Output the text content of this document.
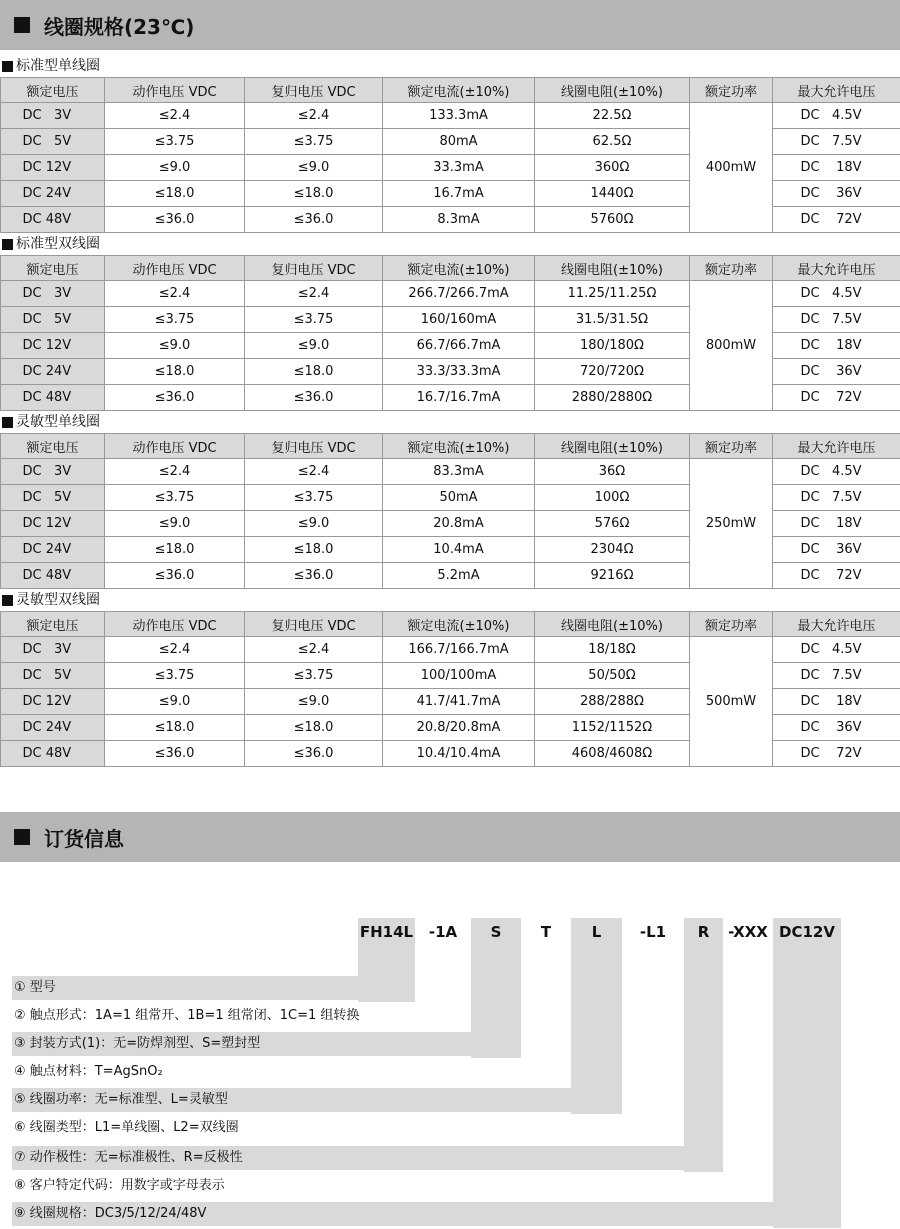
线圈规格(23℃)
标准型单线圈
额定电压	动作电压 VDC	复归电压 VDC	额定电流(±10%)	线圈电阻(±10%)	额定功率	最大允许电压
DC   3V	≤2.4	≤2.4	133.3mA	22.5Ω	400mW	DC   4.5V
DC   5V	≤3.75	≤3.75	80mA	62.5Ω		DC   7.5V
DC 12V	≤9.0	≤9.0	33.3mA	360Ω		DC    18V
DC 24V	≤18.0	≤18.0	16.7mA	1440Ω		DC    36V
DC 48V	≤36.0	≤36.0	8.3mA	5760Ω		DC    72V
标准型双线圈
额定电压	动作电压 VDC	复归电压 VDC	额定电流(±10%)	线圈电阻(±10%)	额定功率	最大允许电压
DC   3V	≤2.4	≤2.4	266.7/266.7mA	11.25/11.25Ω	800mW	DC   4.5V
DC   5V	≤3.75	≤3.75	160/160mA	31.5/31.5Ω		DC   7.5V
DC 12V	≤9.0	≤9.0	66.7/66.7mA	180/180Ω		DC    18V
DC 24V	≤18.0	≤18.0	33.3/33.3mA	720/720Ω		DC    36V
DC 48V	≤36.0	≤36.0	16.7/16.7mA	2880/2880Ω		DC    72V
灵敏型单线圈
额定电压	动作电压 VDC	复归电压 VDC	额定电流(±10%)	线圈电阻(±10%)	额定功率	最大允许电压
DC   3V	≤2.4	≤2.4	83.3mA	36Ω	250mW	DC   4.5V
DC   5V	≤3.75	≤3.75	50mA	100Ω		DC   7.5V
DC 12V	≤9.0	≤9.0	20.8mA	576Ω		DC    18V
DC 24V	≤18.0	≤18.0	10.4mA	2304Ω		DC    36V
DC 48V	≤36.0	≤36.0	5.2mA	9216Ω		DC    72V
灵敏型双线圈
额定电压	动作电压 VDC	复归电压 VDC	额定电流(±10%)	线圈电阻(±10%)	额定功率	最大允许电压
DC   3V	≤2.4	≤2.4	166.7/166.7mA	18/18Ω	500mW	DC   4.5V
DC   5V	≤3.75	≤3.75	100/100mA	50/50Ω		DC   7.5V
DC 12V	≤9.0	≤9.0	41.7/41.7mA	288/288Ω		DC    18V
DC 24V	≤18.0	≤18.0	20.8/20.8mA	1152/1152Ω		DC    36V
DC 48V	≤36.0	≤36.0	10.4/10.4mA	4608/4608Ω		DC    72V
订货信息
FH14L	-1A	S	T	L	-L1	R	-XXX DC12V
① 型号
② 触点形式：1A=1 组常开、1B=1 组常闭、1C=1 组转换
③ 封装方式(1)：无=防焊剂型、S=塑封型
④ 触点材料：T=AgSnO₂
⑤ 线圈功率：无=标准型、L=灵敏型
⑥ 线圈类型：L1=单线圈、L2=双线圈
⑦ 动作极性：无=标准极性、R=反极性
⑧ 客户特定代码：用数字或字母表示
⑨ 线圈规格：DC3/5/12/24/48V
